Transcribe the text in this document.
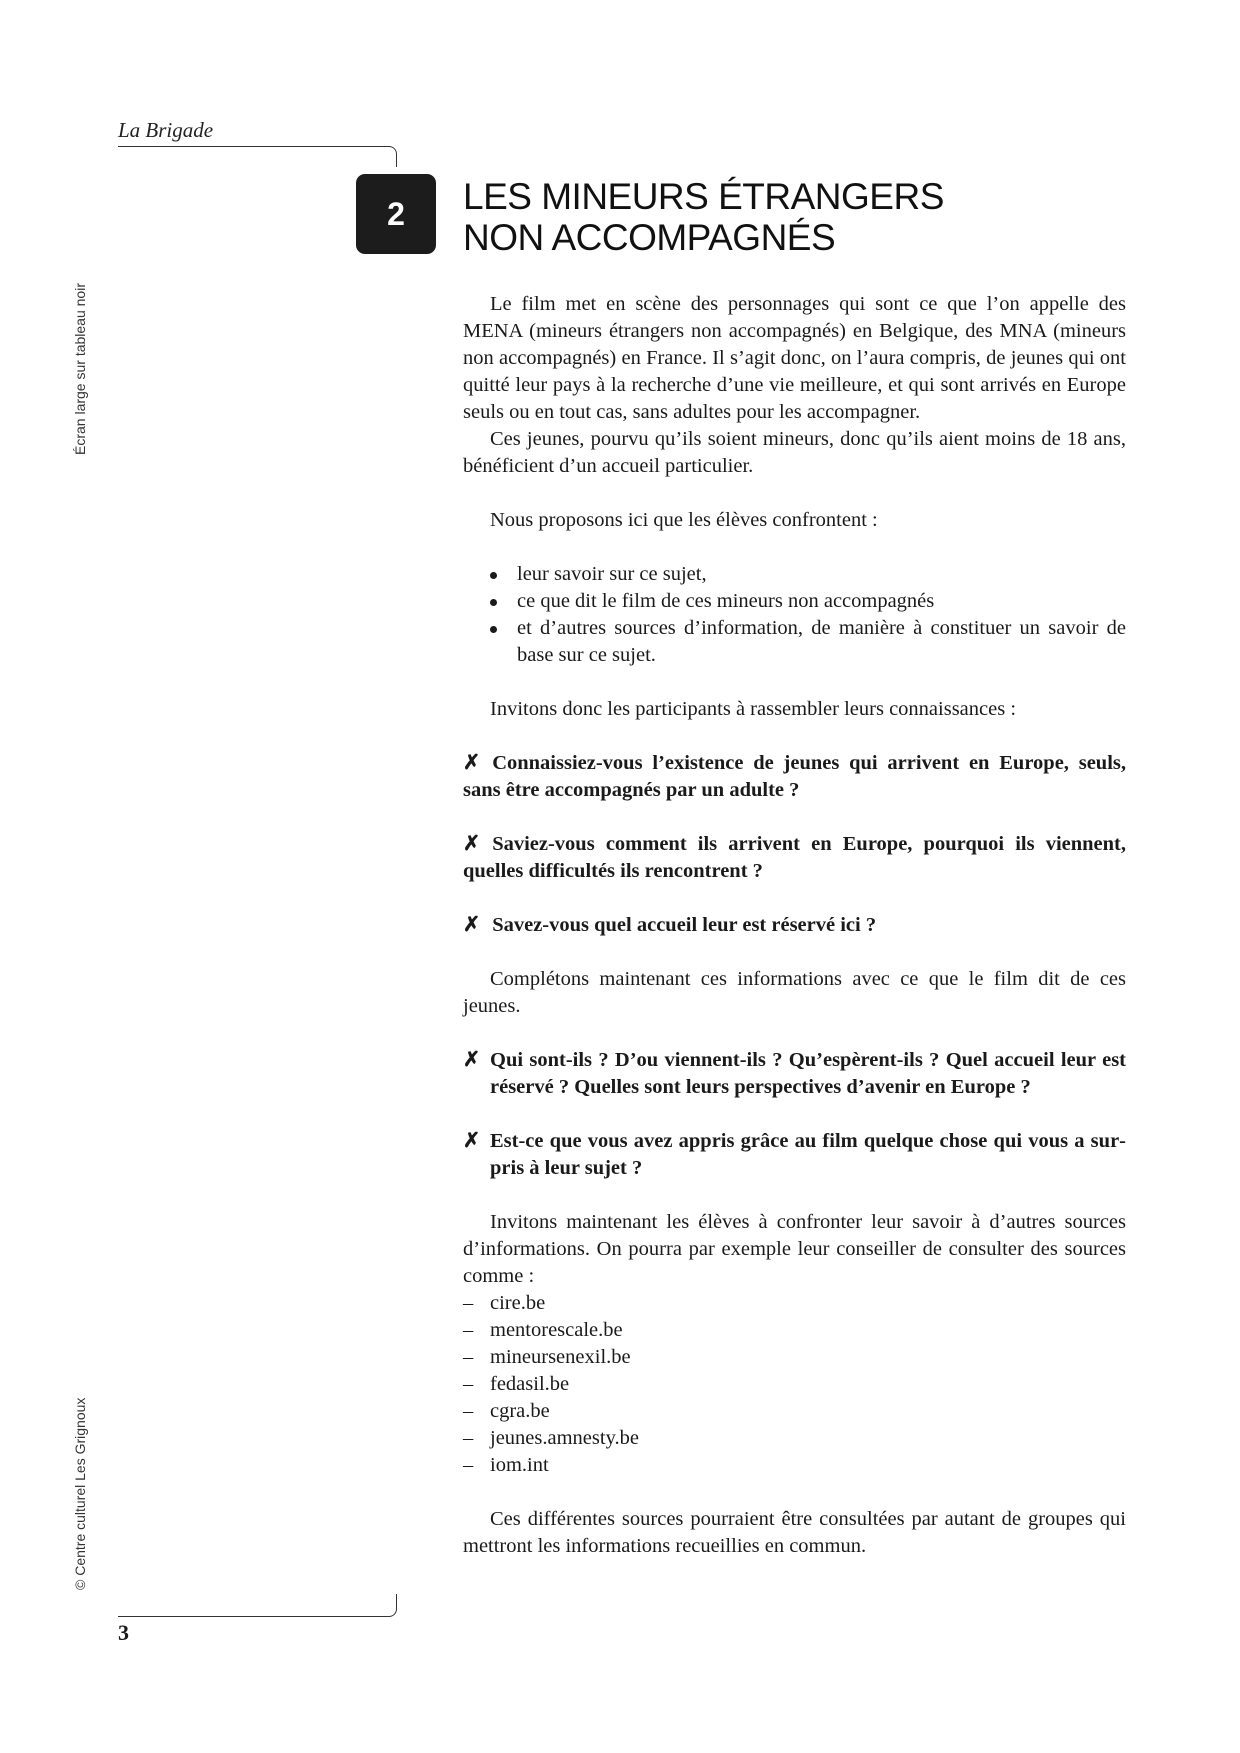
La Brigade
Écran large sur tableau noir
© Centre culturel Les Grignoux
2	LES MINEURS ÉTRANGERS
NON ACCOMPAGNÉS

Le film met en scène des personnages qui sont ce que l’on appelle des MENA (mineurs étrangers non accompagnés) en Belgique, des MNA (mineurs non accompagnés) en France. Il s’agit donc, on l’aura compris, de jeunes qui ont quitté leur pays à la recherche d’une vie meilleure, et qui sont arrivés en Europe seuls ou en tout cas, sans adultes pour les accompagner.

Ces jeunes, pourvu qu’ils soient mineurs, donc qu’ils aient moins de 18 ans, bénéficient d’un accueil particulier.

Nous proposons ici que les élèves confrontent :

leur savoir sur ce sujet,
ce que dit le film de ces mineurs non accompagnés
et d’autres sources d’information, de manière à constituer un savoir de base sur ce sujet.

Invitons donc les participants à rassembler leurs connaissances :

✗ Connaissiez-vous l’existence de jeunes qui arrivent en Europe, seuls, sans être accompagnés par un adulte ?

✗ Saviez-vous comment ils arrivent en Europe, pourquoi ils viennent, quelles difficultés ils rencontrent ?

✗ Savez-vous quel accueil leur est réservé ici ?

Complétons maintenant ces informations avec ce que le film dit de ces jeunes.

✗ Qui sont-ils ? D’ou viennent-ils ? Qu’espèrent-ils ? Quel accueil leur est réservé ? Quelles sont leurs perspectives d’avenir en Europe ?

✗ Est-ce que vous avez appris grâce au film quelque chose qui vous a surpris à leur sujet ?

Invitons maintenant les élèves à confronter leur savoir à d’autres sources d’informations. On pourra par exemple leur conseiller de consulter des sources comme :

– cire.be
– mentorescale.be
– mineursenexil.be
– fedasil.be
– cgra.be
– jeunes.amnesty.be
– iom.int

Ces différentes sources pourraient être consultées par autant de groupes qui mettront les informations recueillies en commun.

3
